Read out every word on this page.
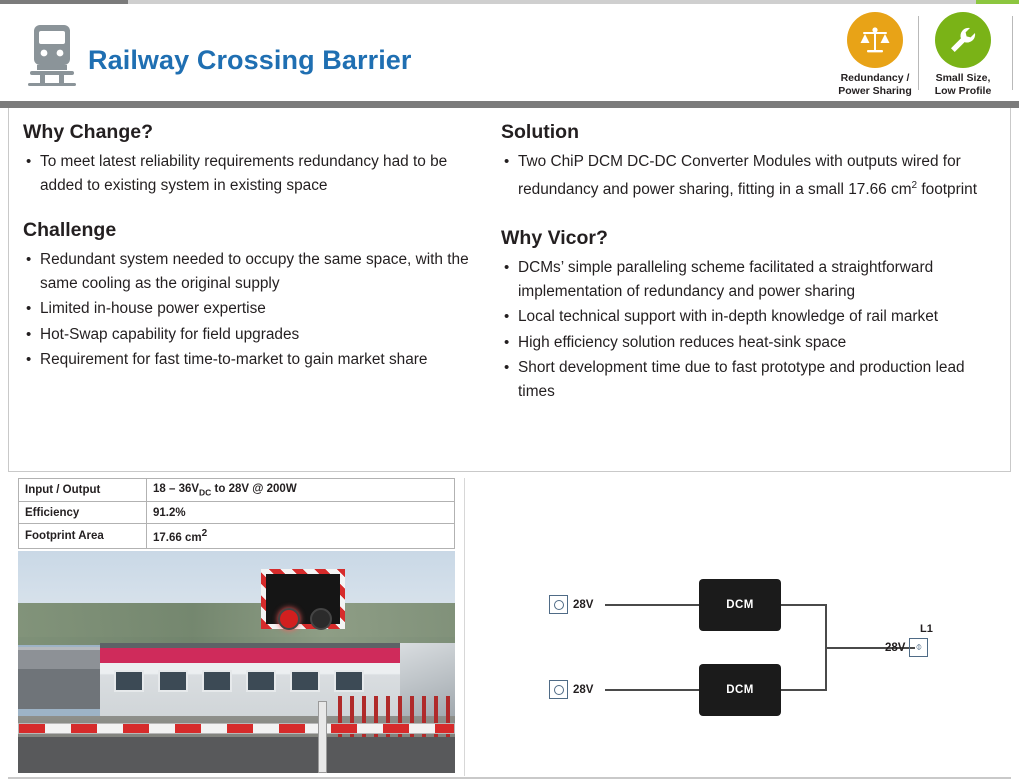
Railway Crossing Barrier
Redundancy /
Power Sharing
Small Size,
Low Profile
Why Change?
• To meet latest reliability requirements redundancy had to be added to existing system in existing space
Challenge
• Redundant system needed to occupy the same space, with the same cooling as the original supply
• Limited in-house power expertise
• Hot-Swap capability for field upgrades
• Requirement for fast time-to-market to gain market share
Solution
• Two ChiP DCM DC-DC Converter Modules with outputs wired for redundancy and power sharing, fitting in a small 17.66 $cm^2$ footprint
Why Vicor?
• DCMs’ simple paralleling scheme facilitated a straightforward implementation of redundancy and power sharing
• Local technical support with in-depth knowledge of rail market
• High efficiency solution reduces heat-sink space
• Short development time due to fast prototype and production lead times
Input / Output	$18 - 36V_{DC}$ to 28V @ 200W
Efficiency	91.2%
Footprint Area	17.66 $cm^2$
28V	DCM
28V	DCM
L1
28V ⌽
